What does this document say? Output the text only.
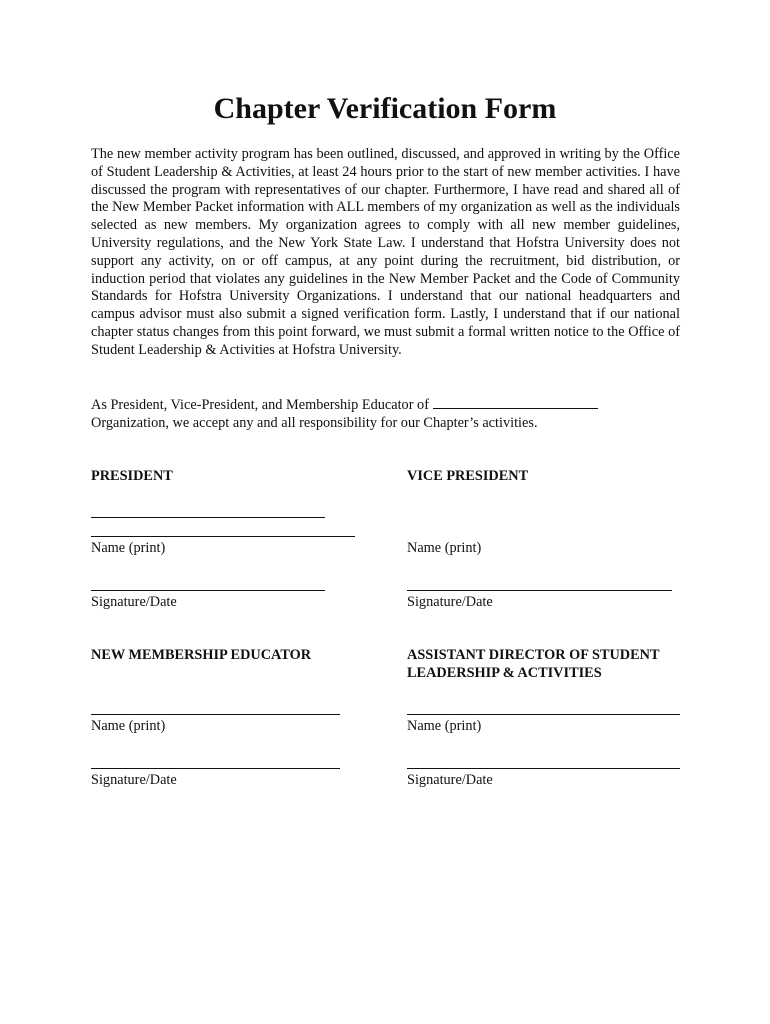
Chapter Verification Form

The new member activity program has been outlined, discussed, and approved in writing by the Office of Student Leadership & Activities, at least 24 hours prior to the start of new member activities. I have discussed the program with representatives of our chapter. Furthermore, I have read and shared all of the New Member Packet information with ALL members of my organization as well as the individuals selected as new members. My organization agrees to comply with all new member guidelines, University regulations, and the New York State Law. I understand that Hofstra University does not support any activity, on or off campus, at any point during the recruitment, bid distribution, or induction period that violates any guidelines in the New Member Packet and the Code of Community Standards for Hofstra University Organizations. I understand that our national headquarters and campus advisor must also submit a signed verification form. Lastly, I understand that if our national chapter status changes from this point forward, we must submit a formal written notice to the Office of Student Leadership & Activities at Hofstra University.

As President, Vice-President, and Membership Educator of
Organization, we accept any and all responsibility for our Chapter’s activities.

PRESIDENT
Name (print)
Signature/Date
VICE PRESIDENT
Name (print)
Signature/Date
NEW MEMBERSHIP EDUCATOR
Name (print)
Signature/Date
ASSISTANT DIRECTOR OF STUDENT
LEADERSHIP & ACTIVITIES
Name (print)
Signature/Date
